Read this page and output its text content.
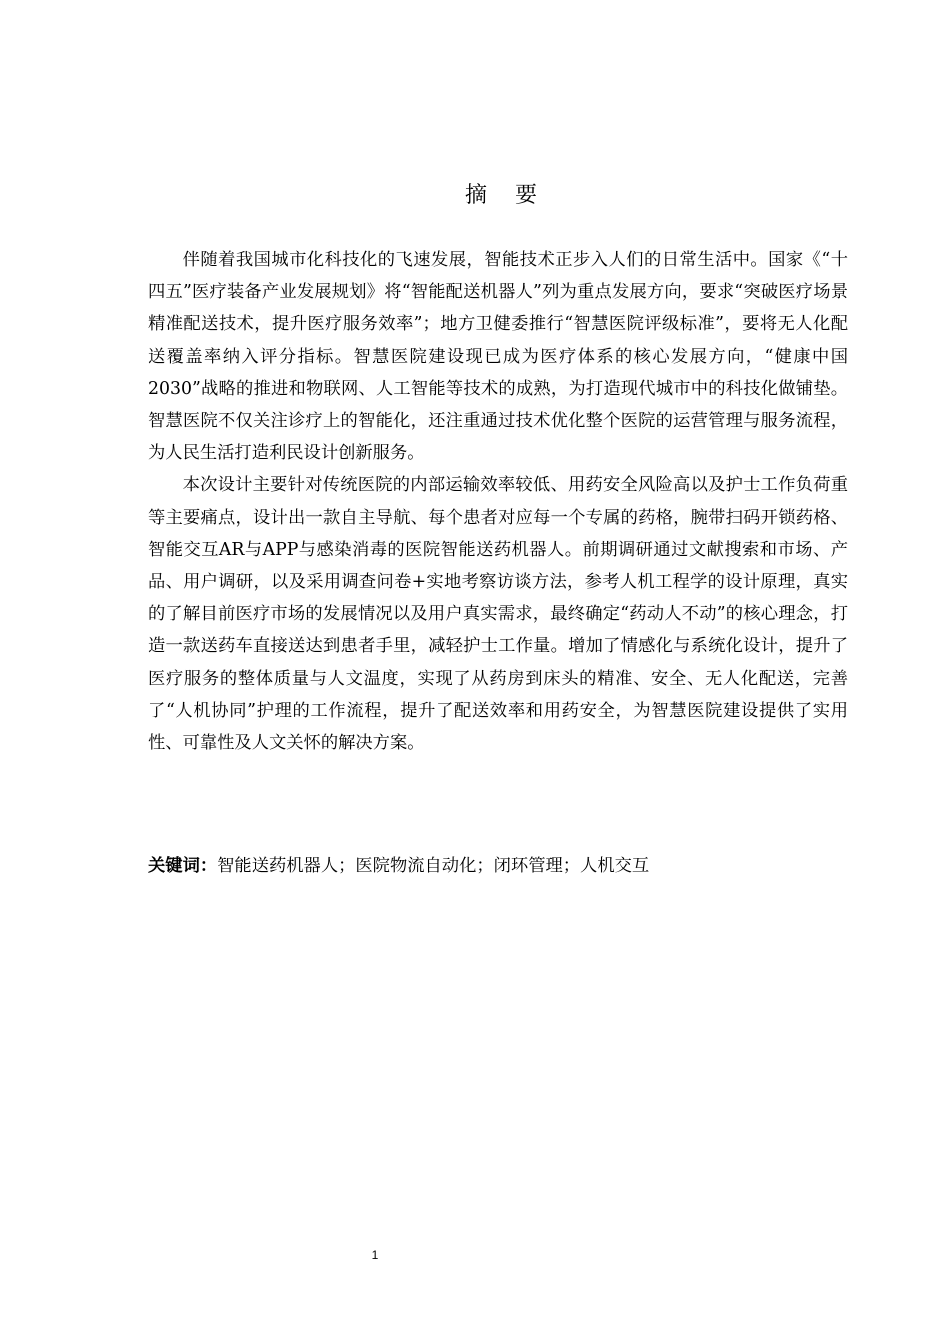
摘要

伴随着我国城市化科技化的飞速发展，智能技术正步入人们的日常生活中。国家《“十四五”医疗装备产业发展规划》将“智能配送机器人”列为重点发展方向，要求“突破医疗场景精准配送技术，提升医疗服务效率”；地方卫健委推行“智慧医院评级标准”，要将无人化配送覆盖率纳入评分指标。智慧医院建设现已成为医疗体系的核心发展方向，“健康中国2030”战略的推进和物联网、人工智能等技术的成熟，为打造现代城市中的科技化做铺垫。智慧医院不仅关注诊疗上的智能化，还注重通过技术优化整个医院的运营管理与服务流程，为人民生活打造利民设计创新服务。

本次设计主要针对传统医院的内部运输效率较低、用药安全风险高以及护士工作负荷重等主要痛点，设计出一款自主导航、每个患者对应每一个专属的药格，腕带扫码开锁药格、智能交互AR与APP与感染消毒的医院智能送药机器人。前期调研通过文献搜索和市场、产品、用户调研，以及采用调查问卷+实地考察访谈方法，参考人机工程学的设计原理，真实的了解目前医疗市场的发展情况以及用户真实需求，最终确定“药动人不动”的核心理念，打造一款送药车直接送达到患者手里，减轻护士工作量。增加了情感化与系统化设计，提升了医疗服务的整体质量与人文温度，实现了从药房到床头的精准、安全、无人化配送，完善了“人机协同”护理的工作流程，提升了配送效率和用药安全，为智慧医院建设提供了实用性、可靠性及人文关怀的解决方案。

关键词：智能送药机器人；医院物流自动化；闭环管理；人机交互
1
